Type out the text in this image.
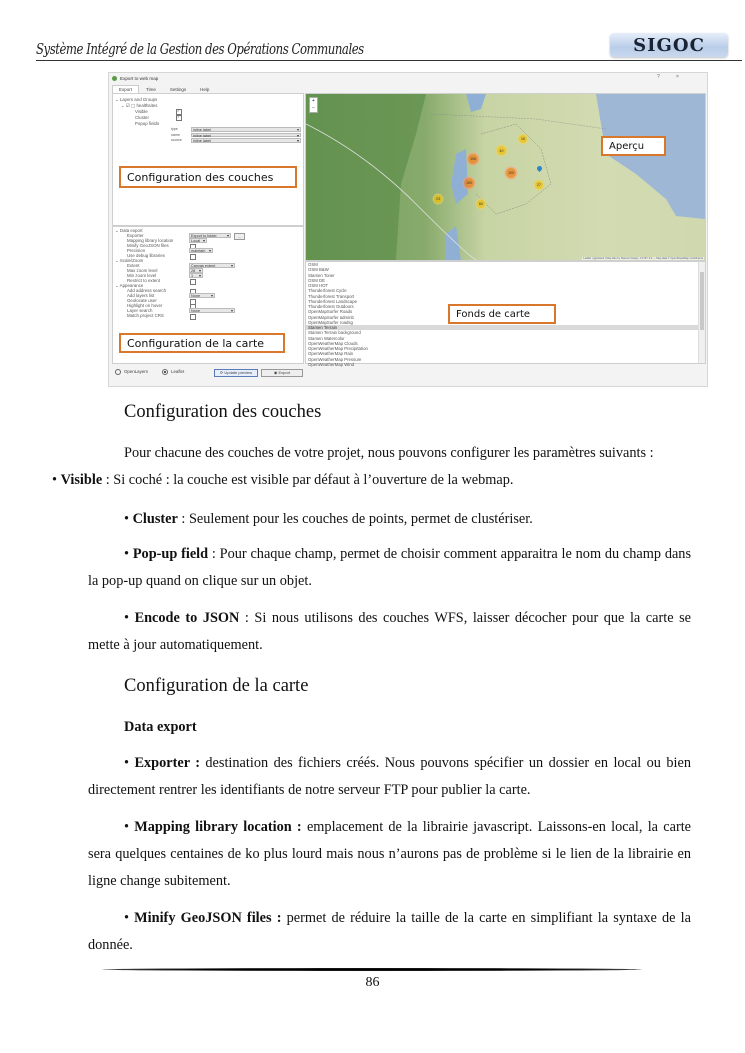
Système Intégré de la Gestion des Opérations Communales	SIGOC
Export to web map	?	×
Export	Time	Settings	Help
⌄ Layers and Groups
⌄ ☑ ▢ healthsites
Visible
✓
Cluster
✓
Popup fields
type	inline label ▾
name	inline label ▾
source	inline label ▾
Configuration des couches
⌄ Data export
Exporter	Export to folder ▾	...
Mapping library location	Local ▾
Minify GeoJSON files
Precision	maintain ▾
Use debug libraries
⌄ Scale/Zoom
Extent	Canvas extent ▾
Max zoom level	28 ▾
Min zoom level	1 ▾
Restrict to extent
⌄ Appearance
Add address search
Add layers list	None ▾
Geolocate user
Highlight on hover
Layer search	None ▾
Match project CRS
Configuration de la carte
+
−
·
16
40
106
100
150	27
23
60
Aperçu
Leaflet | qgis2web | Map tiles by Stamen Design, CC BY 3.0 — Map data © OpenStreetMap contributors
OSM
OSM B&W
Stamen Toner
OSM DE
OSM HOT
Thunderforest Cycle
Thunderforest Transport
Thunderforest Landscape
Thunderforest Outdoors
OpenMapSurfer Roads
OpenMapSurfer adminb
OpenMapSurfer roadsg
Stamen Terrain
Stamen Terrain background
Stamen Watercolor
OpenWeatherMap Clouds
OpenWeatherMap Precipitation
OpenWeatherMap Rain
OpenWeatherMap Pressure
OpenWeatherMap Wind
Fonds de carte
OpenLayers	Leaflet	⟳ Update preview	◉ Export
Configuration des couches
Pour chacune des couches de votre projet, nous pouvons configurer les paramètres suivants :
• Visible : Si coché : la couche est visible par défaut à l’ouverture de la webmap.
• Cluster : Seulement pour les couches de points, permet de clustériser.
• Pop-up field : Pour chaque champ, permet de choisir comment apparaitra le nom du champ dans la pop-up quand on clique sur un objet.
• Encode to JSON : Si nous utilisons des couches WFS, laisser décocher pour que la carte se mette à jour automatiquement.
Configuration de la carte
Data export
• Exporter : destination des fichiers créés. Nous pouvons spécifier un dossier en local ou bien directement rentrer les identifiants de notre serveur FTP pour publier la carte.
• Mapping library location : emplacement de la librairie javascript. Laissons-en local, la carte sera quelques centaines de ko plus lourd mais nous n’aurons pas de problème si le lien de la librairie en ligne change subitement.
• Minify GeoJSON files : permet de réduire la taille de la carte en simplifiant la syntaxe de la donnée.
86
